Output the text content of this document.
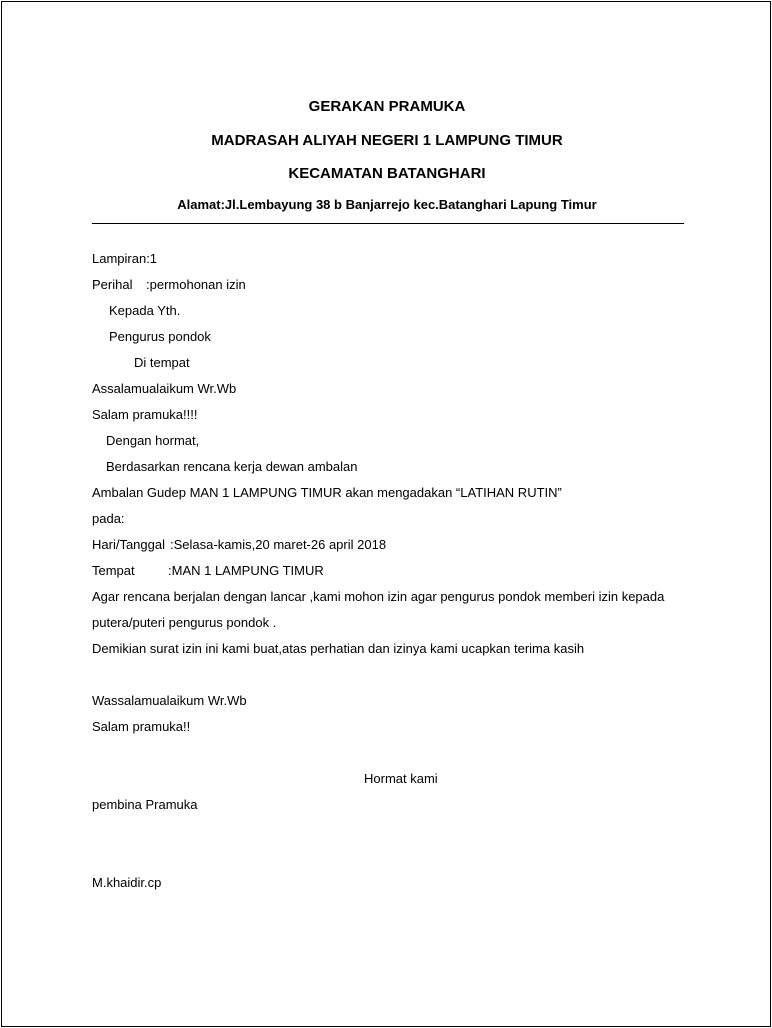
GERAKAN PRAMUKA
MADRASAH ALIYAH NEGERI 1 LAMPUNG TIMUR
KECAMATAN BATANGHARI
Alamat:Jl.Lembayung 38 b Banjarrejo kec.Batanghari Lapung Timur
Lampiran:1
Perihal :permohonan izin
Kepada Yth.
Pengurus pondok
Di tempat
Assalamualaikum Wr.Wb
Salam pramuka!!!!
Dengan hormat,
Berdasarkan rencana kerja dewan ambalan
Ambalan Gudep MAN 1 LAMPUNG TIMUR akan mengadakan “LATIHAN RUTIN”
pada:
Hari/Tanggal :Selasa-kamis,20 maret-26 april 2018
Tempat	:MAN 1 LAMPUNG TIMUR
Agar rencana berjalan dengan lancar ,kami mohon izin agar pengurus pondok memberi izin kepada
putera/puteri pengurus pondok .
Demikian surat izin ini kami buat,atas perhatian dan izinya kami ucapkan terima kasih
Wassalamualaikum Wr.Wb
Salam pramuka!!
Hormat kami
pembina Pramuka
M.khaidir.cp
